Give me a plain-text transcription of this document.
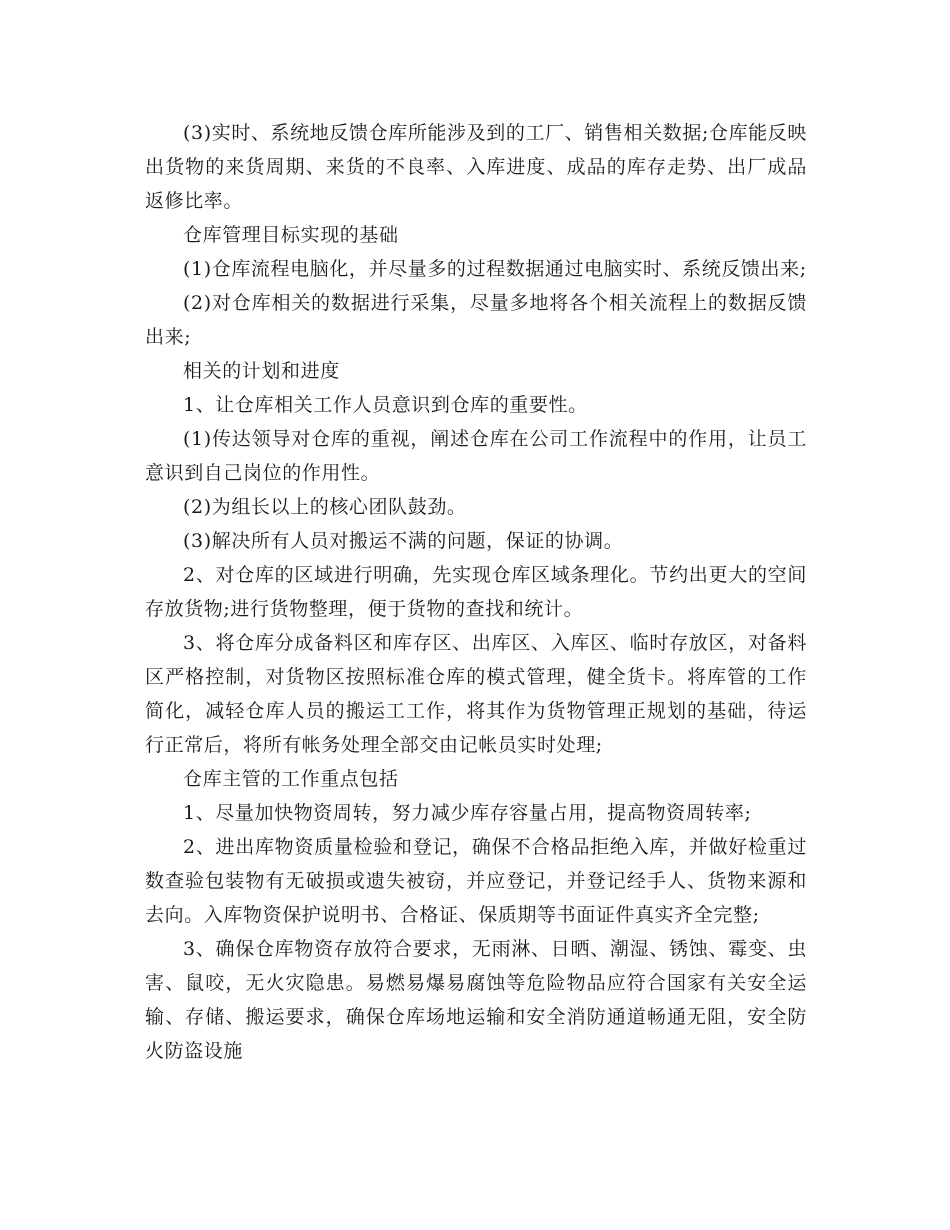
(3)实时、系统地反馈仓库所能涉及到的工厂、销售相关数据;仓库能反映出货物的来货周期、来货的不良率、入库进度、成品的库存走势、出厂成品返修比率。

仓库管理目标实现的基础

(1)仓库流程电脑化，并尽量多的过程数据通过电脑实时、系统反馈出来;

(2)对仓库相关的数据进行采集，尽量多地将各个相关流程上的数据反馈出来;

相关的计划和进度

1、让仓库相关工作人员意识到仓库的重要性。

(1)传达领导对仓库的重视，阐述仓库在公司工作流程中的作用，让员工意识到自己岗位的作用性。

(2)为组长以上的核心团队鼓劲。

(3)解决所有人员对搬运不满的问题，保证的协调。

2、对仓库的区域进行明确，先实现仓库区域条理化。节约出更大的空间存放货物;进行货物整理，便于货物的查找和统计。

3、将仓库分成备料区和库存区、出库区、入库区、临时存放区，对备料区严格控制，对货物区按照标准仓库的模式管理，健全货卡。将库管的工作简化，减轻仓库人员的搬运工工作，将其作为货物管理正规划的基础，待运行正常后，将所有帐务处理全部交由记帐员实时处理;

仓库主管的工作重点包括

1、尽量加快物资周转，努力减少库存容量占用，提高物资周转率;

2、进出库物资质量检验和登记，确保不合格品拒绝入库，并做好检重过数查验包装物有无破损或遗失被窃，并应登记，并登记经手人、货物来源和去向。入库物资保护说明书、合格证、保质期等书面证件真实齐全完整;

3、确保仓库物资存放符合要求，无雨淋、日晒、潮湿、锈蚀、霉变、虫害、鼠咬，无火灾隐患。易燃易爆易腐蚀等危险物品应符合国家有关安全运输、存储、搬运要求，确保仓库场地运输和安全消防通道畅通无阻，安全防火防盗设施
